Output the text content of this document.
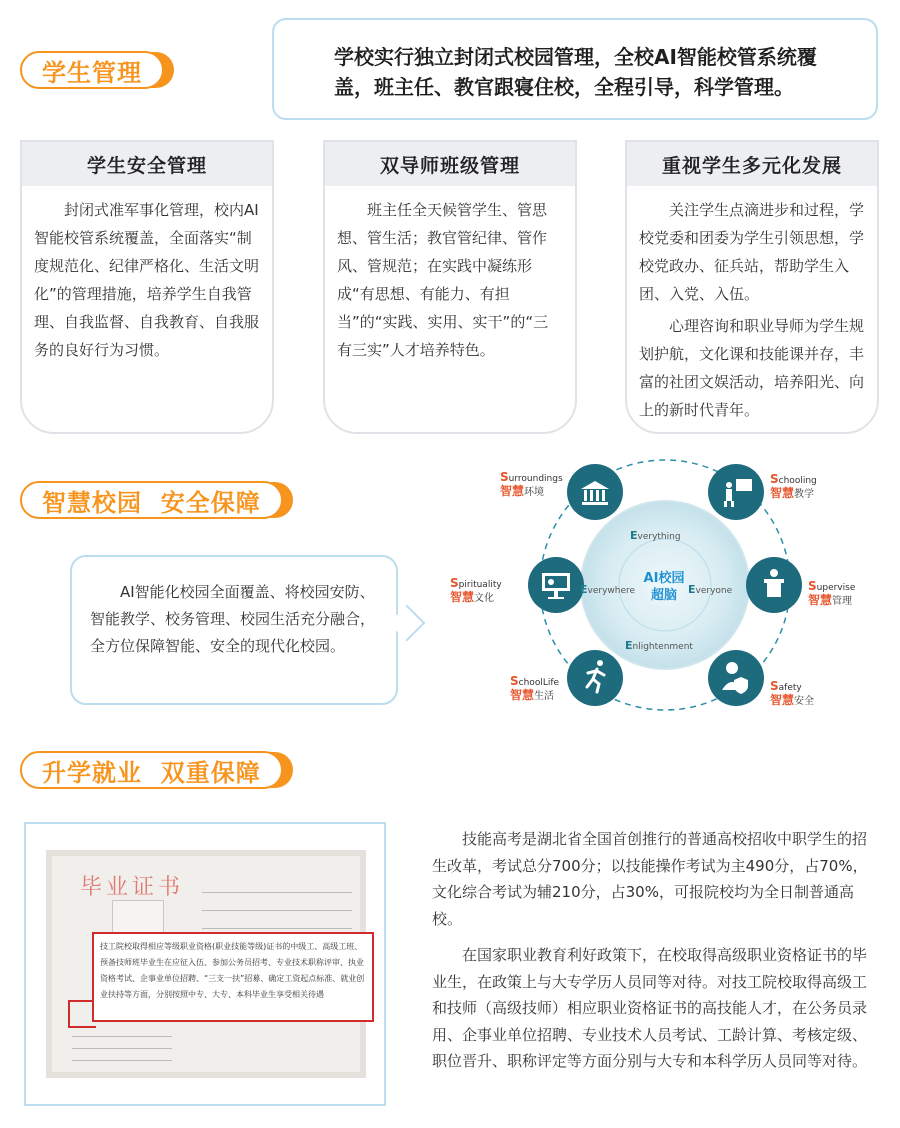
学生管理
学校实行独立封闭式校园管理，全校AI智能校管系统覆盖，班主任、教官跟寝住校，全程引导，科学管理。
学生安全管理

封闭式准军事化管理，校内AI智能校管系统覆盖，全面落实“制度规范化、纪律严格化、生活文明化”的管理措施，培养学生自我管理、自我监督、自我教育、自我服务的良好行为习惯。

双导师班级管理

班主任全天候管学生、管思想、管生活；教官管纪律、管作风、管规范；在实践中凝练形成“有思想、有能力、有担当”的“实践、实用、实干”的“三有三实”人才培养特色。

重视学生多元化发展

关注学生点滴进步和过程，学校党委和团委为学生引领思想，学校党政办、征兵站，帮助学生入团、入党、入伍。

心理咨询和职业导师为学生规划护航，文化课和技能课并存，丰富的社团文娱活动，培养阳光、向上的新时代青年。

智慧校园  安全保障

AI智能化校园全面覆盖、将校园安防、智能教学、校务管理、校园生活充分融合，全方位保障智能、安全的现代化校园。

AI校园
超脑
Everything
Everyone
Enlightenment
Everywhere
Surroundings
智慧环境
Schooling
智慧教学
Supervise
智慧管理
Safety
智慧安全
SchoolLife
智慧生活
Spirituality
智慧文化
升学就业  双重保障
毕业证书
技工院校取得相应等级职业资格(职业技能等级)证书的中级工、高级工班、预备技师班毕业生在应征入伍、参加公务员招考、专业技术职称评审、执业资格考试、企事业单位招聘、“三支一扶”招募、确定工资起点标准、就业创业扶持等方面，分别按照中专、大专、本科毕业生享受相关待遇

技能高考是湖北省全国首创推行的普通高校招收中职学生的招生改革，考试总分700分；以技能操作考试为主490分，占70%，文化综合考试为辅210分，占30%，可报院校均为全日制普通高校。

在国家职业教育利好政策下，在校取得高级职业资格证书的毕业生，在政策上与大专学历人员同等对待。对技工院校取得高级工和技师（高级技师）相应职业资格证书的高技能人才，在公务员录用、企事业单位招聘、专业技术人员考试、工龄计算、考核定级、职位晋升、职称评定等方面分别与大专和本科学历人员同等对待。
